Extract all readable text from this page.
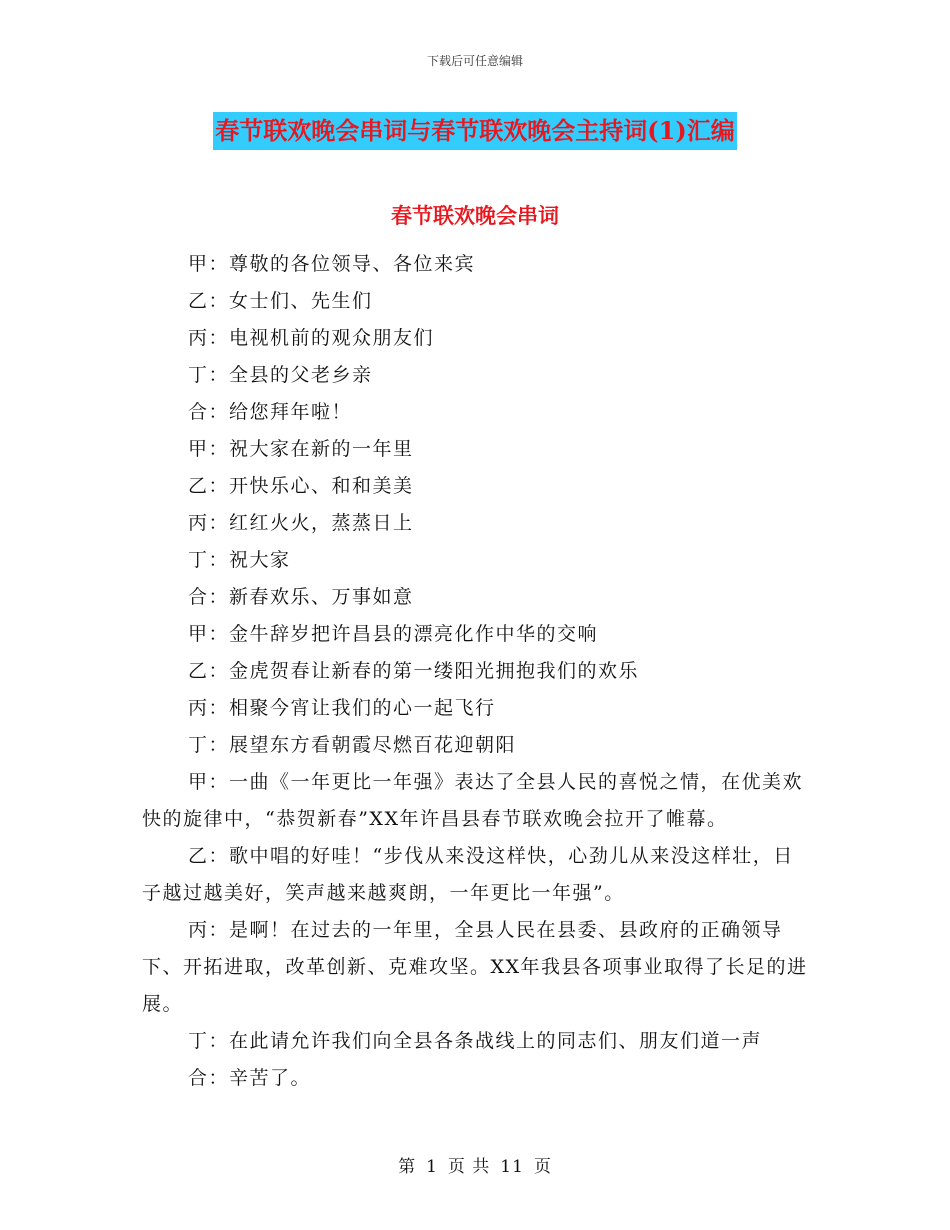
下载后可任意编辑
春节联欢晚会串词与春节联欢晚会主持词(1)汇编
春节联欢晚会串词

甲：尊敬的各位领导、各位来宾

乙：女士们、先生们

丙：电视机前的观众朋友们

丁：全县的父老乡亲

合：给您拜年啦！

甲：祝大家在新的一年里

乙：开快乐心、和和美美

丙：红红火火，蒸蒸日上

丁：祝大家

合：新春欢乐、万事如意

甲：金牛辞岁把许昌县的漂亮化作中华的交响

乙：金虎贺春让新春的第一缕阳光拥抱我们的欢乐

丙：相聚今宵让我们的心一起飞行

丁：展望东方看朝霞尽燃百花迎朝阳

甲：一曲《一年更比一年强》表达了全县人民的喜悦之情，在优美欢快的旋律中，“恭贺新春”XX年许昌县春节联欢晚会拉开了帷幕。

乙：歌中唱的好哇！“步伐从来没这样快，心劲儿从来没这样壮，日子越过越美好，笑声越来越爽朗，一年更比一年强”。

丙：是啊！在过去的一年里，全县人民在县委、县政府的正确领导下、开拓进取，改革创新、克难攻坚。XX年我县各项事业取得了长足的进展。

丁：在此请允许我们向全县各条战线上的同志们、朋友们道一声

合：辛苦了。

第 1 页 共 11 页
